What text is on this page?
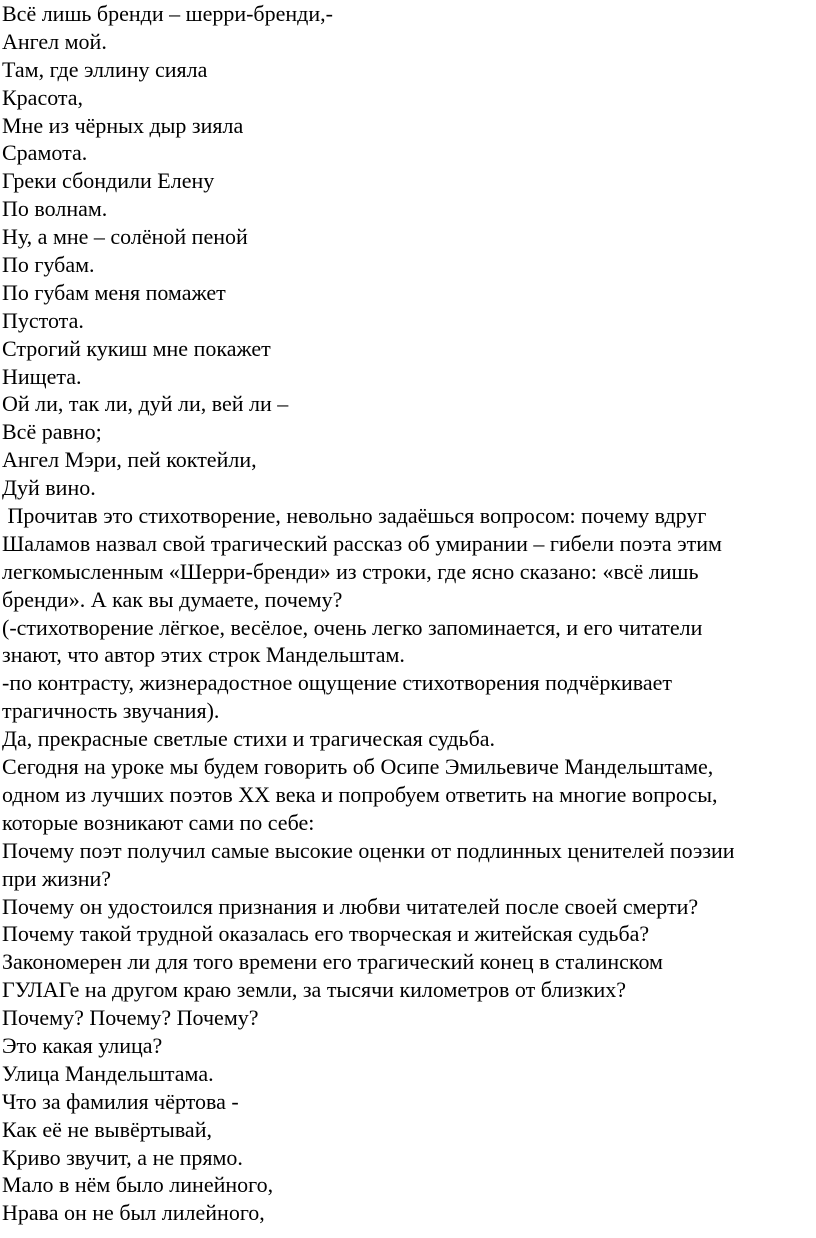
Всё лишь бренди – шерри-бренди,-
Ангел мой.
Там, где эллину сияла
Красота,
Мне из чёрных дыр зияла
Срамота.
Греки сбондили Елену
По волнам.
Ну, а мне – солёной пеной
По губам.
По губам меня помажет
Пустота.
Строгий кукиш мне покажет
Нищета.
Ой ли, так ли, дуй ли, вей ли –
Всё равно;
Ангел Мэри, пей коктейли,
Дуй вино.
Прочитав это стихотворение, невольно задаёшься вопросом: почему вдруг
Шаламов назвал свой трагический рассказ об умирании – гибели поэта этим
легкомысленным «Шерри-бренди» из строки, где ясно сказано: «всё лишь
бренди». А как вы думаете, почему?
(-стихотворение лёгкое, весёлое, очень легко запоминается, и его читатели
знают, что автор этих строк Мандельштам.
-по контрасту, жизнерадостное ощущение стихотворения подчёркивает
трагичность звучания).
Да, прекрасные светлые стихи и трагическая судьба.
Сегодня на уроке мы будем говорить об Осипе Эмильевиче Мандельштаме,
одном из лучших поэтов XX века и попробуем ответить на многие вопросы,
которые возникают сами по себе:
Почему поэт получил самые высокие оценки от подлинных ценителей поэзии
при жизни?
Почему он удостоился признания и любви читателей после своей смерти?
Почему такой трудной оказалась его творческая и житейская судьба?
Закономерен ли для того времени его трагический конец в сталинском
ГУЛАГе на другом краю земли, за тысячи километров от близких?
Почему? Почему? Почему?
Это какая улица?
Улица Мандельштама.
Что за фамилия чёртова -
Как её не вывёртывай,
Криво звучит, а не прямо.
Мало в нём было линейного,
Нрава он не был лилейного,
